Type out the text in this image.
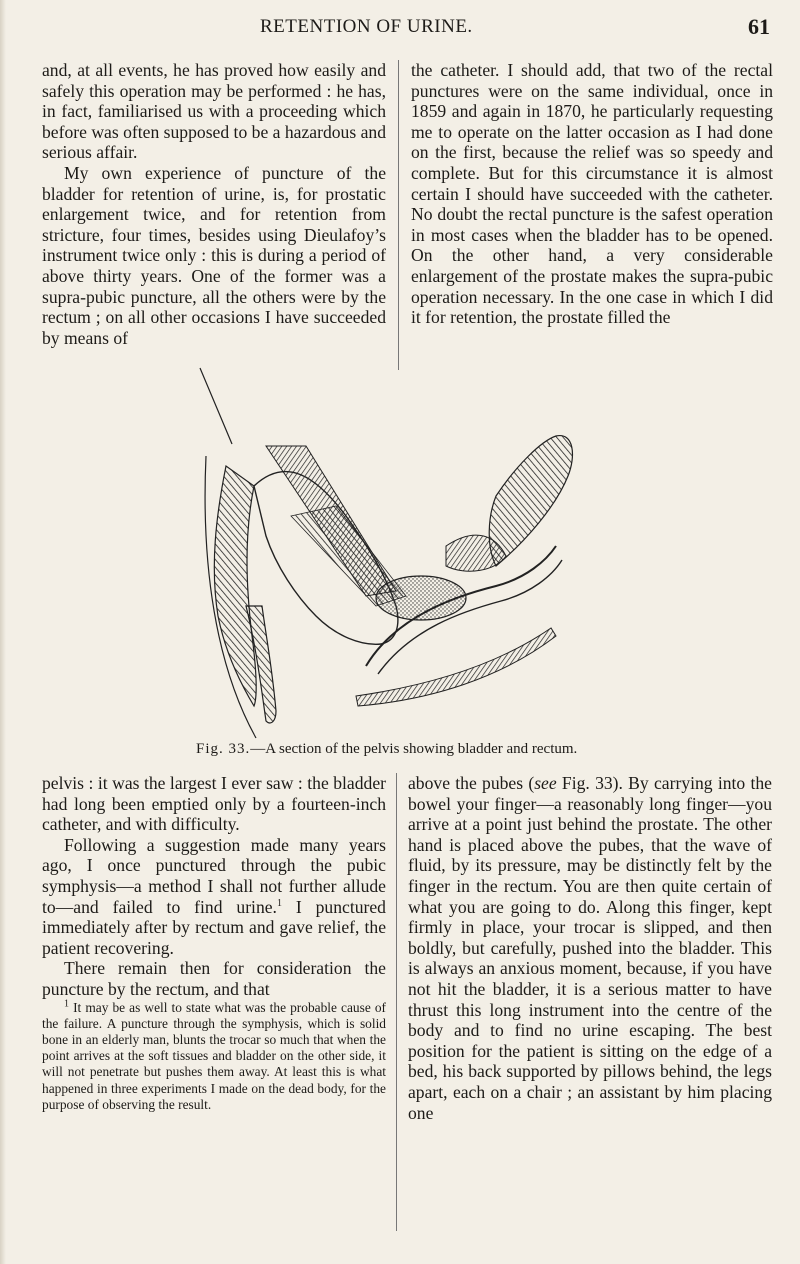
RETENTION OF URINE.	61

and, at all events, he has proved how easily and safely this operation may be performed : he has, in fact, familiarised us with a proceeding which before was often supposed to be a hazardous and serious affair.

My own experience of puncture of the bladder for retention of urine, is, for prostatic enlargement twice, and for retention from stricture, four times, besides using Dieulafoy’s instrument twice only : this is during a period of above thirty years. One of the former was a supra-pubic puncture, all the others were by the rectum ; on all other occasions I have succeeded by means of

the catheter. I should add, that two of the rectal punctures were on the same individual, once in 1859 and again in 1870, he particularly requesting me to operate on the latter occasion as I had done on the first, because the relief was so speedy and complete. But for this circumstance it is almost certain I should have succeeded with the catheter. No doubt the rectal puncture is the safest operation in most cases when the bladder has to be opened. On the other hand, a very considerable enlargement of the prostate makes the supra-pubic operation necessary. In the one case in which I did it for retention, the prostate filled the

Fig. 33.—A section of the pelvis showing bladder and rectum.

pelvis : it was the largest I ever saw : the bladder had long been emptied only by a fourteen-inch catheter, and with difficulty.

Following a suggestion made many years ago, I once punctured through the pubic symphysis—a method I shall not further allude to—and failed to find urine.$^1$ I punctured immediately after by rectum and gave relief, the patient recovering.

There remain then for consideration the puncture by the rectum, and that

$^1$ It may be as well to state what was the probable cause of the failure. A puncture through the symphysis, which is solid bone in an elderly man, blunts the trocar so much that when the point arrives at the soft tissues and bladder on the other side, it will not penetrate but pushes them away. At least this is what happened in three experiments I made on the dead body, for the purpose of observing the result.

above the pubes (see Fig. 33). By carrying into the bowel your finger—a reasonably long finger—you arrive at a point just behind the prostate. The other hand is placed above the pubes, that the wave of fluid, by its pressure, may be distinctly felt by the finger in the rectum. You are then quite certain of what you are going to do. Along this finger, kept firmly in place, your trocar is slipped, and then boldly, but carefully, pushed into the bladder. This is always an anxious moment, because, if you have not hit the bladder, it is a serious matter to have thrust this long instrument into the centre of the body and to find no urine escaping. The best position for the patient is sitting on the edge of a bed, his back supported by pillows behind, the legs apart, each on a chair ; an assistant by him placing one
